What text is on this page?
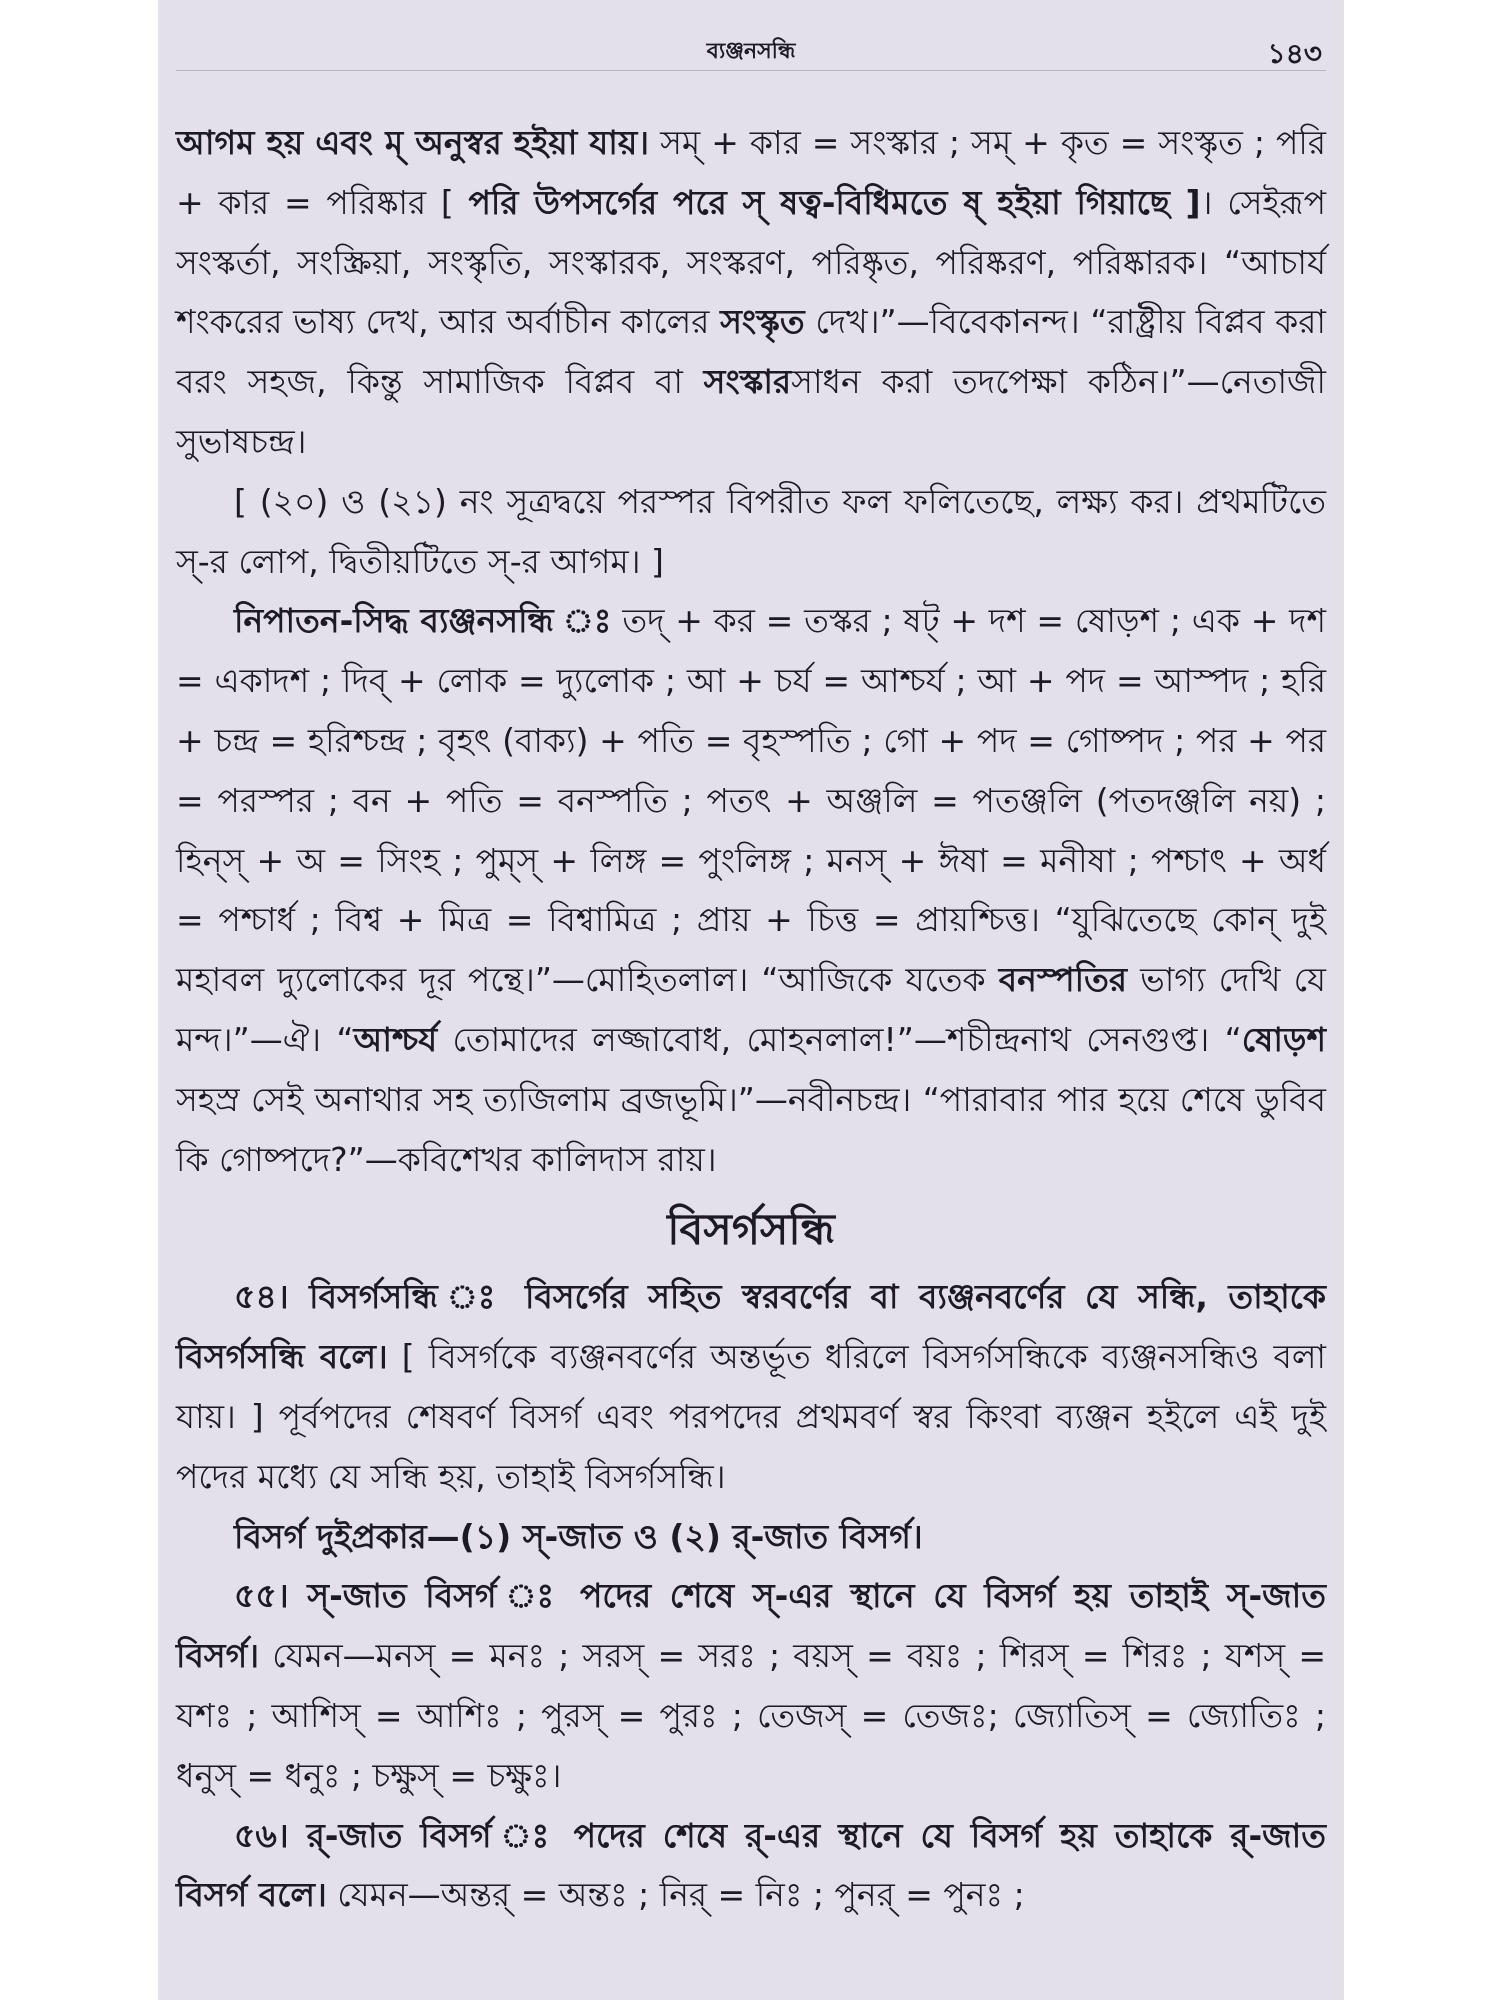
ব্যঞ্জনসন্ধি	১৪৩

আগম হয় এবং ম্ অনুস্বর হইয়া যায়। সম্ + কার = সংস্কার ; সম্ + কৃত = সংস্কৃত ; পরি + কার = পরিষ্কার [ পরি উপসর্গের পরে স্ ষত্ব-বিধিমতে ষ্ হইয়া গিয়াছে ]। সেইরূপ সংস্কর্তা, সংস্ক্রিয়া, সংস্কৃতি, সংস্কারক, সংস্করণ, পরিষ্কৃত, পরিষ্করণ, পরিষ্কারক। “আচার্য শংকরের ভাষ্য দেখ, আর অর্বাচীন কালের সংস্কৃত দেখ।”—বিবেকানন্দ। “রাষ্ট্রীয় বিপ্লব করা বরং সহজ, কিন্তু সামাজিক বিপ্লব বা সংস্কারসাধন করা তদপেক্ষা কঠিন।”—নেতাজী সুভাষচন্দ্র।

[ (২০) ও (২১) নং সূত্রদ্বয়ে পরস্পর বিপরীত ফল ফলিতেছে, লক্ষ্য কর। প্রথমটিতে স্-র লোপ, দ্বিতীয়টিতে স্-র আগম। ]

নিপাতন-সিদ্ধ ব্যঞ্জনসন্ধি ঃ তদ্ + কর = তস্কর ; ষট্ + দশ = ষোড়শ ; এক + দশ = একাদশ ; দিব্ + লোক = দ্যুলোক ; আ + চর্য = আশ্চর্য ; আ + পদ = আস্পদ ; হরি + চন্দ্র = হরিশ্চন্দ্র ; বৃহৎ (বাক্য) + পতি = বৃহস্পতি ; গো + পদ = গোষ্পদ ; পর + পর = পরস্পর ; বন + পতি = বনস্পতি ; পতৎ + অঞ্জলি = পতঞ্জলি (পতদঞ্জলি নয়) ; হিন্স্ + অ = সিংহ ; পুম্স্ + লিঙ্গ = পুংলিঙ্গ ; মনস্ + ঈষা = মনীষা ; পশ্চাৎ + অর্ধ = পশ্চার্ধ ; বিশ্ব + মিত্র = বিশ্বামিত্র ; প্রায় + চিত্ত = প্রায়শ্চিত্ত। “যুঝিতেছে কোন্ দুই মহাবল দ্যুলোকের দূর পন্থে।”—মোহিতলাল। “আজিকে যতেক বনস্পতির ভাগ্য দেখি যে মন্দ।”—ঐ। “আশ্চর্য তোমাদের লজ্জাবোধ, মোহনলাল!”—শচীন্দ্রনাথ সেনগুপ্ত। “ষোড়শ সহস্র সেই অনাথার সহ ত্যজিলাম ব্রজভূমি।”—নবীনচন্দ্র। “পারাবার পার হয়ে শেষে ডুবিব কি গোষ্পদে?”—কবিশেখর কালিদাস রায়।

বিসর্গসন্ধি

৫৪। বিসর্গসন্ধি ঃ বিসর্গের সহিত স্বরবর্ণের বা ব্যঞ্জনবর্ণের যে সন্ধি, তাহাকে বিসর্গসন্ধি বলে। [ বিসর্গকে ব্যঞ্জনবর্ণের অন্তর্ভূত ধরিলে বিসর্গসন্ধিকে ব্যঞ্জনসন্ধিও বলা যায়। ] পূর্বপদের শেষবর্ণ বিসর্গ এবং পরপদের প্রথমবর্ণ স্বর কিংবা ব্যঞ্জন হইলে এই দুই পদের মধ্যে যে সন্ধি হয়, তাহাই বিসর্গসন্ধি।

বিসর্গ দুইপ্রকার—(১) স্-জাত ও (২) র্-জাত বিসর্গ।

৫৫। স্-জাত বিসর্গ ঃ পদের শেষে স্-এর স্থানে যে বিসর্গ হয় তাহাই স্-জাত বিসর্গ। যেমন—মনস্ = মনঃ ; সরস্ = সরঃ ; বয়স্ = বয়ঃ ; শিরস্ = শিরঃ ; যশস্ = যশঃ ; আশিস্ = আশিঃ ; পুরস্ = পুরঃ ; তেজস্ = তেজঃ; জ্যোতিস্ = জ্যোতিঃ ; ধনুস্ = ধনুঃ ; চক্ষুস্ = চক্ষুঃ।

৫৬। র্-জাত বিসর্গ ঃ পদের শেষে র্-এর স্থানে যে বিসর্গ হয় তাহাকে র্-জাত বিসর্গ বলে। যেমন—অন্তর্ = অন্তঃ ; নির্ = নিঃ ; পুনর্ = পুনঃ ;
